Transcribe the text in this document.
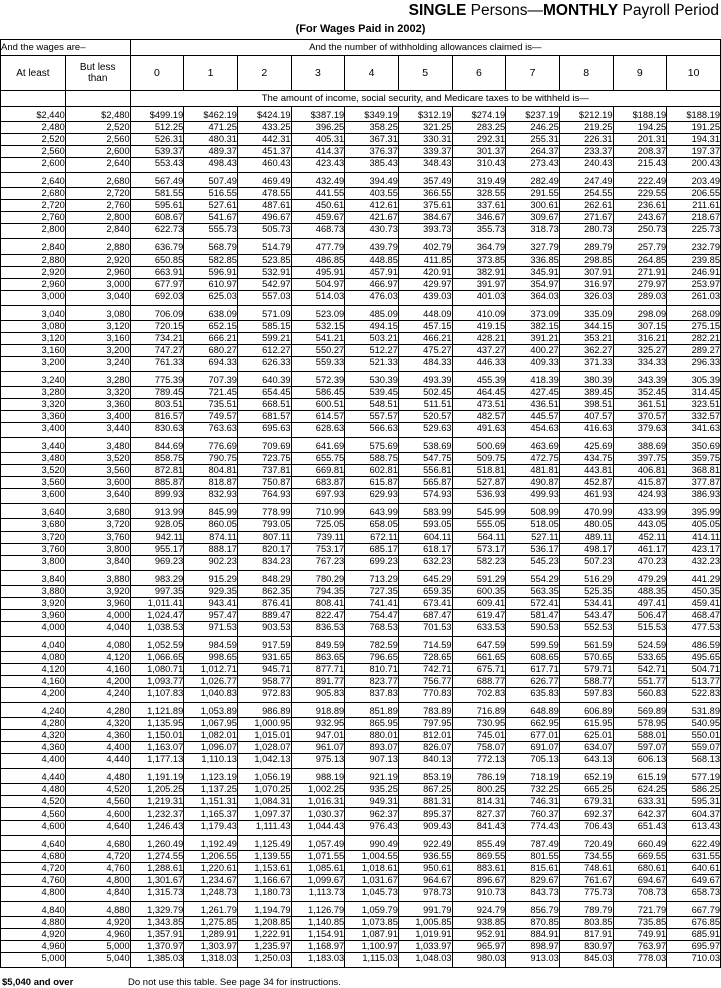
SINGLE Persons—MONTHLY Payroll Period
(For Wages Paid in 2002)
And the wages are–		And the number of withholding allowances claimed is—										
At least	But less
than	0	1	2	3	4	5	6	7	8	9	10
		The amount of income, social security, and Medicare taxes to be withheld is—										
$2,440	$2,480	$499.19	$462.19	$424.19	$387.19	$349.19	$312.19	$274.19	$237.19	$212.19	$188.19	$188.19
2,480	2,520	512.25	471.25	433.25	396.25	358.25	321.25	283.25	246.25	219.25	194.25	191.25
2,520	2,560	526.31	480.31	442.31	405.31	367.31	330.31	292.31	255.31	226.31	201.31	194.31
2,560	2,600	539.37	489.37	451.37	414.37	376.37	339.37	301.37	264.37	233.37	208.37	197.37
2,600	2,640	553.43	498.43	460.43	423.43	385.43	348.43	310.43	273.43	240.43	215.43	200.43
2,640	2,680	567.49	507.49	469.49	432.49	394.49	357.49	319.49	282.49	247.49	222.49	203.49
2,680	2,720	581.55	516.55	478.55	441.55	403.55	366.55	328.55	291.55	254.55	229.55	206.55
2,720	2,760	595.61	527.61	487.61	450.61	412.61	375.61	337.61	300.61	262.61	236.61	211.61
2,760	2,800	608.67	541.67	496.67	459.67	421.67	384.67	346.67	309.67	271.67	243.67	218.67
2,800	2,840	622.73	555.73	505.73	468.73	430.73	393.73	355.73	318.73	280.73	250.73	225.73
2,840	2,880	636.79	568.79	514.79	477.79	439.79	402.79	364.79	327.79	289.79	257.79	232.79
2,880	2,920	650.85	582.85	523.85	486.85	448.85	411.85	373.85	336.85	298.85	264.85	239.85
2,920	2,960	663.91	596.91	532.91	495.91	457.91	420.91	382.91	345.91	307.91	271.91	246.91
2,960	3,000	677.97	610.97	542.97	504.97	466.97	429.97	391.97	354.97	316.97	279.97	253.97
3,000	3,040	692.03	625.03	557.03	514.03	476.03	439.03	401.03	364.03	326.03	289.03	261.03
3,040	3,080	706.09	638.09	571.09	523.09	485.09	448.09	410.09	373.09	335.09	298.09	268.09
3,080	3,120	720.15	652.15	585.15	532.15	494.15	457.15	419.15	382.15	344.15	307.15	275.15
3,120	3,160	734.21	666.21	599.21	541.21	503.21	466.21	428.21	391.21	353.21	316.21	282.21
3,160	3,200	747.27	680.27	612.27	550.27	512.27	475.27	437.27	400.27	362.27	325.27	289.27
3,200	3,240	761.33	694.33	626.33	559.33	521.33	484.33	446.33	409.33	371.33	334.33	296.33
3,240	3,280	775.39	707.39	640.39	572.39	530.39	493.39	455.39	418.39	380.39	343.39	305.39
3,280	3,320	789.45	721.45	654.45	586.45	539.45	502.45	464.45	427.45	389.45	352.45	314.45
3,320	3,360	803.51	735.51	668.51	600.51	548.51	511.51	473.51	436.51	398.51	361.51	323.51
3,360	3,400	816.57	749.57	681.57	614.57	557.57	520.57	482.57	445.57	407.57	370.57	332.57
3,400	3,440	830.63	763.63	695.63	628.63	566.63	529.63	491.63	454.63	416.63	379.63	341.63
3,440	3,480	844.69	776.69	709.69	641.69	575.69	538.69	500.69	463.69	425.69	388.69	350.69
3,480	3,520	858.75	790.75	723.75	655.75	588.75	547.75	509.75	472.75	434.75	397.75	359.75
3,520	3,560	872.81	804.81	737.81	669.81	602.81	556.81	518.81	481.81	443.81	406.81	368.81
3,560	3,600	885.87	818.87	750.87	683.87	615.87	565.87	527.87	490.87	452.87	415.87	377.87
3,600	3,640	899.93	832.93	764.93	697.93	629.93	574.93	536.93	499.93	461.93	424.93	386.93
3,640	3,680	913.99	845.99	778.99	710.99	643.99	583.99	545.99	508.99	470.99	433.99	395.99
3,680	3,720	928.05	860.05	793.05	725.05	658.05	593.05	555.05	518.05	480.05	443.05	405.05
3,720	3,760	942.11	874.11	807.11	739.11	672.11	604.11	564.11	527.11	489.11	452.11	414.11
3,760	3,800	955.17	888.17	820.17	753.17	685.17	618.17	573.17	536.17	498.17	461.17	423.17
3,800	3,840	969.23	902.23	834.23	767.23	699.23	632.23	582.23	545.23	507.23	470.23	432.23
3,840	3,880	983.29	915.29	848.29	780.29	713.29	645.29	591.29	554.29	516.29	479.29	441.29
3,880	3,920	997.35	929.35	862.35	794.35	727.35	659.35	600.35	563.35	525.35	488.35	450.35
3,920	3,960	1,011.41	943.41	876.41	808.41	741.41	673.41	609.41	572.41	534.41	497.41	459.41
3,960	4,000	1,024.47	957.47	889.47	822.47	754.47	687.47	619.47	581.47	543.47	506.47	468.47
4,000	4,040	1,038.53	971.53	903.53	836.53	768.53	701.53	633.53	590.53	552.53	515.53	477.53
4,040	4,080	1,052.59	984.59	917.59	849.59	782.59	714.59	647.59	599.59	561.59	524.59	486.59
4,080	4,120	1,066.65	998.65	931.65	863.65	796.65	728.65	661.65	608.65	570.65	533.65	495.65
4,120	4,160	1,080.71	1,012.71	945.71	877.71	810.71	742.71	675.71	617.71	579.71	542.71	504.71
4,160	4,200	1,093.77	1,026.77	958.77	891.77	823.77	756.77	688.77	626.77	588.77	551.77	513.77
4,200	4,240	1,107.83	1,040.83	972.83	905.83	837.83	770.83	702.83	635.83	597.83	560.83	522.83
4,240	4,280	1,121.89	1,053.89	986.89	918.89	851.89	783.89	716.89	648.89	606.89	569.89	531.89
4,280	4,320	1,135.95	1,067.95	1,000.95	932.95	865.95	797.95	730.95	662.95	615.95	578.95	540.95
4,320	4,360	1,150.01	1,082.01	1,015.01	947.01	880.01	812.01	745.01	677.01	625.01	588.01	550.01
4,360	4,400	1,163.07	1,096.07	1,028.07	961.07	893.07	826.07	758.07	691.07	634.07	597.07	559.07
4,400	4,440	1,177.13	1,110.13	1,042.13	975.13	907.13	840.13	772.13	705.13	643.13	606.13	568.13
4,440	4,480	1,191.19	1,123.19	1,056.19	988.19	921.19	853.19	786.19	718.19	652.19	615.19	577.19
4,480	4,520	1,205.25	1,137.25	1,070.25	1,002.25	935.25	867.25	800.25	732.25	665.25	624.25	586.25
4,520	4,560	1,219.31	1,151.31	1,084.31	1,016.31	949.31	881.31	814.31	746.31	679.31	633.31	595.31
4,560	4,600	1,232.37	1,165.37	1,097.37	1,030.37	962.37	895.37	827.37	760.37	692.37	642.37	604.37
4,600	4,640	1,246.43	1,179.43	1,111.43	1,044.43	976.43	909.43	841.43	774.43	706.43	651.43	613.43
4,640	4,680	1,260.49	1,192.49	1,125.49	1,057.49	990.49	922.49	855.49	787.49	720.49	660.49	622.49
4,680	4,720	1,274.55	1,206.55	1,139.55	1,071.55	1,004.55	936.55	869.55	801.55	734.55	669.55	631.55
4,720	4,760	1,288.61	1,220.61	1,153.61	1,085.61	1,018.61	950.61	883.61	815.61	748.61	680.61	640.61
4,760	4,800	1,301.67	1,234.67	1,166.67	1,099.67	1,031.67	964.67	896.67	829.67	761.67	694.67	649.67
4,800	4,840	1,315.73	1,248.73	1,180.73	1,113.73	1,045.73	978.73	910.73	843.73	775.73	708.73	658.73
4,840	4,880	1,329.79	1,261.79	1,194.79	1,126.79	1,059.79	991.79	924.79	856.79	789.79	721.79	667.79
4,880	4,920	1,343.85	1,275.85	1,208.85	1,140.85	1,073.85	1,005.85	938.85	870.85	803.85	735.85	676.85
4,920	4,960	1,357.91	1,289.91	1,222.91	1,154.91	1,087.91	1,019.91	952.91	884.91	817.91	749.91	685.91
4,960	5,000	1,370.97	1,303.97	1,235.97	1,168.97	1,100.97	1,033.97	965.97	898.97	830.97	763.97	695.97
5,000	5,040	1,385.03	1,318.03	1,250.03	1,183.03	1,115.03	1,048.03	980.03	913.03	845.03	778.03	710.03
$5,040 and over	Do not use this table. See page 34 for instructions.
